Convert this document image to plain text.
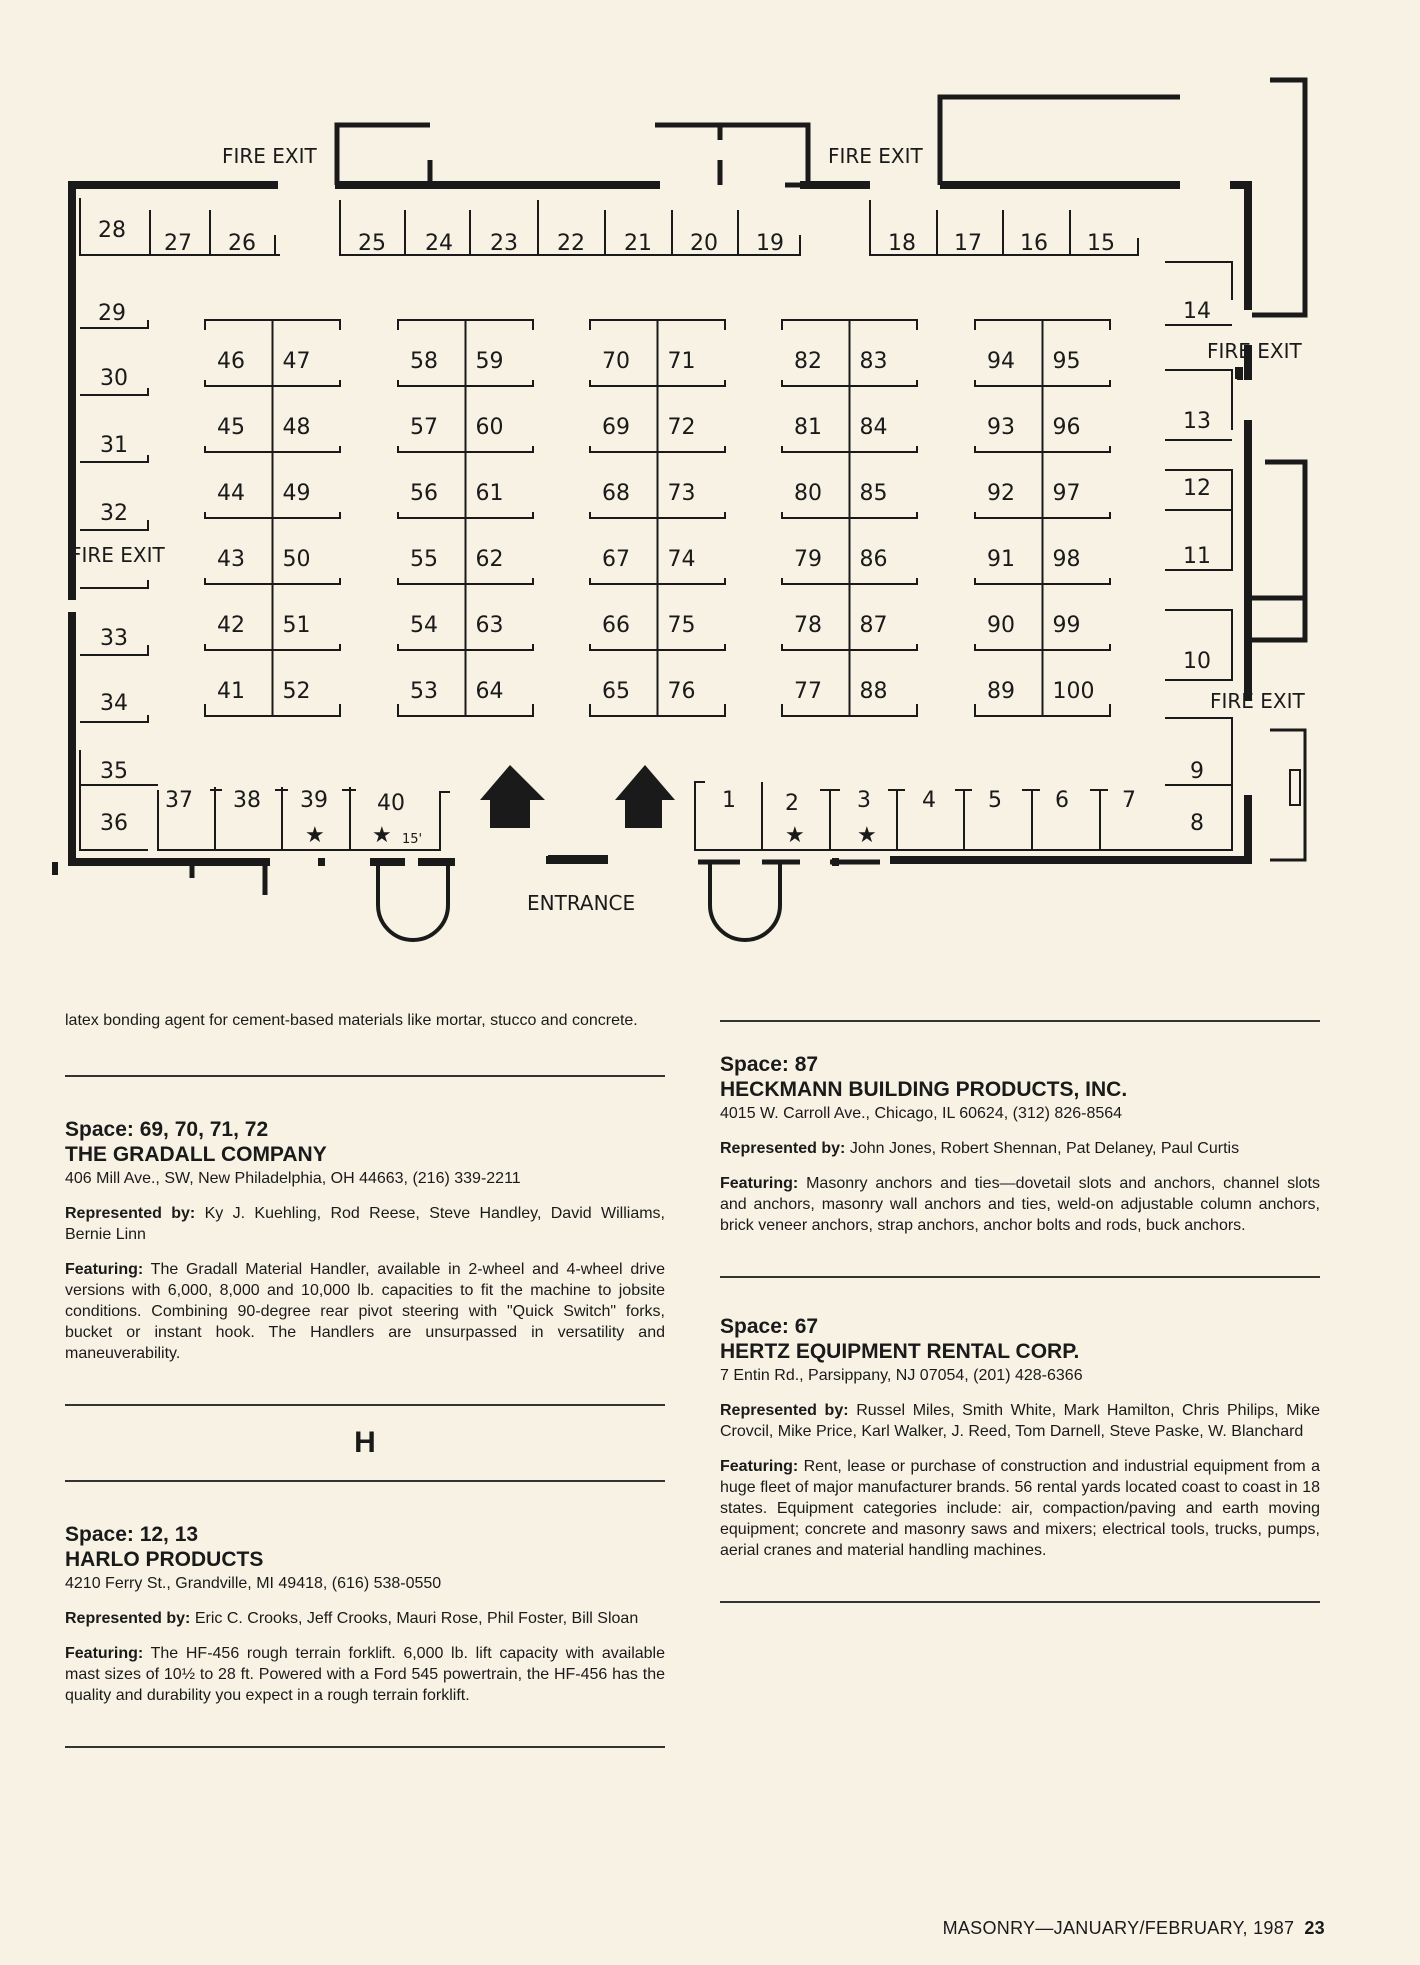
FIRE EXIT	FIRE EXIT
FIRE EXIT
FIRE EXIT
FIRE EXIT
ENTRANCE
★ ★	★ ★
15'
28
27 26	25 24 23 22 21 20 19	18 17 16 15
29
30
31
32
33
34
35
36
37 38 39 40	1 2	3 4 5 6 7
8
9
10
11
12
13
14
46 47
45 48
44 49
43 50
42 51
41 52
58 59
57 60
56 61
55 62
54 63
53 64
70 71
69 72
68 73
67 74
66 75
65 76
82 83
81 84
80 85
79 86
78 87
77 88
94 95
93 96
92 97
91 98
90 99
89 100

latex bonding agent for cement-based materials like mortar, stucco and concrete.

Space: 69, 70, 71, 72

THE GRADALL COMPANY

406 Mill Ave., SW, New Philadelphia, OH 44663, (216) 339-2211

Represented by: Ky J. Kuehling, Rod Reese, Steve Handley, David Williams, Bernie Linn

Featuring: The Gradall Material Handler, available in 2-wheel and 4-wheel drive versions with 6,000, 8,000 and 10,000 lb. capacities to fit the machine to jobsite conditions. Combining 90-degree rear pivot steering with "Quick Switch" forks, bucket or instant hook. The Handlers are unsurpassed in versatility and maneuverability.

H

Space: 12, 13

HARLO PRODUCTS

4210 Ferry St., Grandville, MI 49418, (616) 538-0550

Represented by: Eric C. Crooks, Jeff Crooks, Mauri Rose, Phil Foster, Bill Sloan

Featuring: The HF-456 rough terrain forklift. 6,000 lb. lift capacity with available mast sizes of 10½ to 28 ft. Powered with a Ford 545 powertrain, the HF-456 has the quality and durability you expect in a rough terrain forklift.

Space: 87

HECKMANN BUILDING PRODUCTS, INC.

4015 W. Carroll Ave., Chicago, IL 60624, (312) 826-8564

Represented by: John Jones, Robert Shennan, Pat Delaney, Paul Curtis

Featuring: Masonry anchors and ties—dovetail slots and anchors, channel slots and anchors, masonry wall anchors and ties, weld-on adjustable column anchors, brick veneer anchors, strap anchors, anchor bolts and rods, buck anchors.

Space: 67

HERTZ EQUIPMENT RENTAL CORP.

7 Entin Rd., Parsippany, NJ 07054, (201) 428-6366

Represented by: Russel Miles, Smith White, Mark Hamilton, Chris Philips, Mike Crovcil, Mike Price, Karl Walker, J. Reed, Tom Darnell, Steve Paske, W. Blanchard

Featuring: Rent, lease or purchase of construction and industrial equipment from a huge fleet of major manufacturer brands. 56 rental yards located coast to coast in 18 states. Equipment categories include: air, compaction/paving and earth moving equipment; concrete and masonry saws and mixers; electrical tools, trucks, pumps, aerial cranes and material handling machines.

MASONRY—JANUARY/FEBRUARY, 1987 23
